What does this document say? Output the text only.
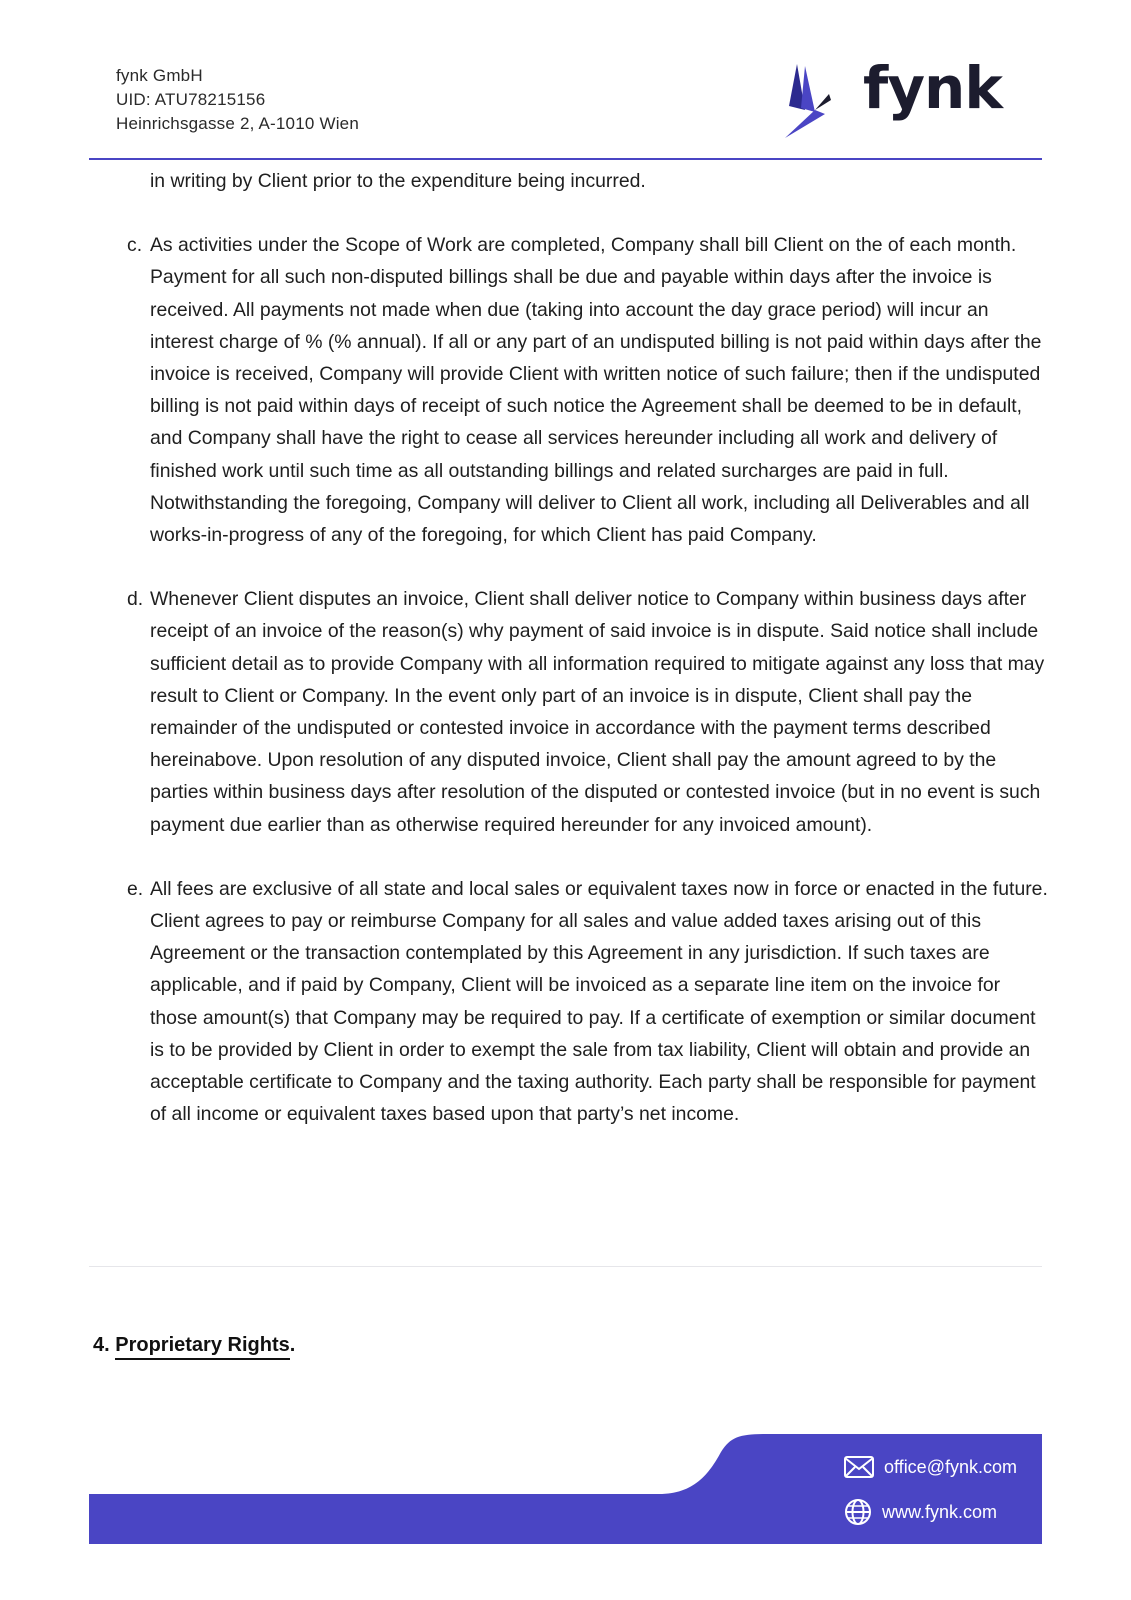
fynk GmbH
UID: ATU78215156
Heinrichsgasse 2, A-1010 Wien
fynk

in writing by Client prior to the expenditure being incurred.

c. As activities under the Scope of Work are completed, Company shall bill Client on the of each month. Payment for all such non-disputed billings shall be due and payable within days after the invoice is received. All payments not made when due (taking into account the day grace period) will incur an interest charge of % (% annual). If all or any part of an undisputed billing is not paid within days after the invoice is received, Company will provide Client with written notice of such failure; then if the undisputed billing is not paid within days of receipt of such notice the Agreement shall be deemed to be in default, and Company shall have the right to cease all services hereunder including all work and delivery of finished work until such time as all outstanding billings and related surcharges are paid in full. Notwithstanding the foregoing, Company will deliver to Client all work, including all Deliverables and all works-in-progress of any of the foregoing, for which Client has paid Company.

d. Whenever Client disputes an invoice, Client shall deliver notice to Company within business days after receipt of an invoice of the reason(s) why payment of said invoice is in dispute. Said notice shall include sufficient detail as to provide Company with all information required to mitigate against any loss that may result to Client or Company. In the event only part of an invoice is in dispute, Client shall pay the remainder of the undisputed or contested invoice in accordance with the payment terms described hereinabove. Upon resolution of any disputed invoice, Client shall pay the amount agreed to by the parties within business days after resolution of the disputed or contested invoice (but in no event is such payment due earlier than as otherwise required hereunder for any invoiced amount).

e. All fees are exclusive of all state and local sales or equivalent taxes now in force or enacted in the future. Client agrees to pay or reimburse Company for all sales and value added taxes arising out of this Agreement or the transaction contemplated by this Agreement in any jurisdiction. If such taxes are applicable, and if paid by Company, Client will be invoiced as a separate line item on the invoice for those amount(s) that Company may be required to pay. If a certificate of exemption or similar document is to be provided by Client in order to exempt the sale from tax liability, Client will obtain and provide an acceptable certificate to Company and the taxing authority. Each party shall be responsible for payment of all income or equivalent taxes based upon that party’s net income.

4. Proprietary Rights.
office@fynk.com
www.fynk.com
